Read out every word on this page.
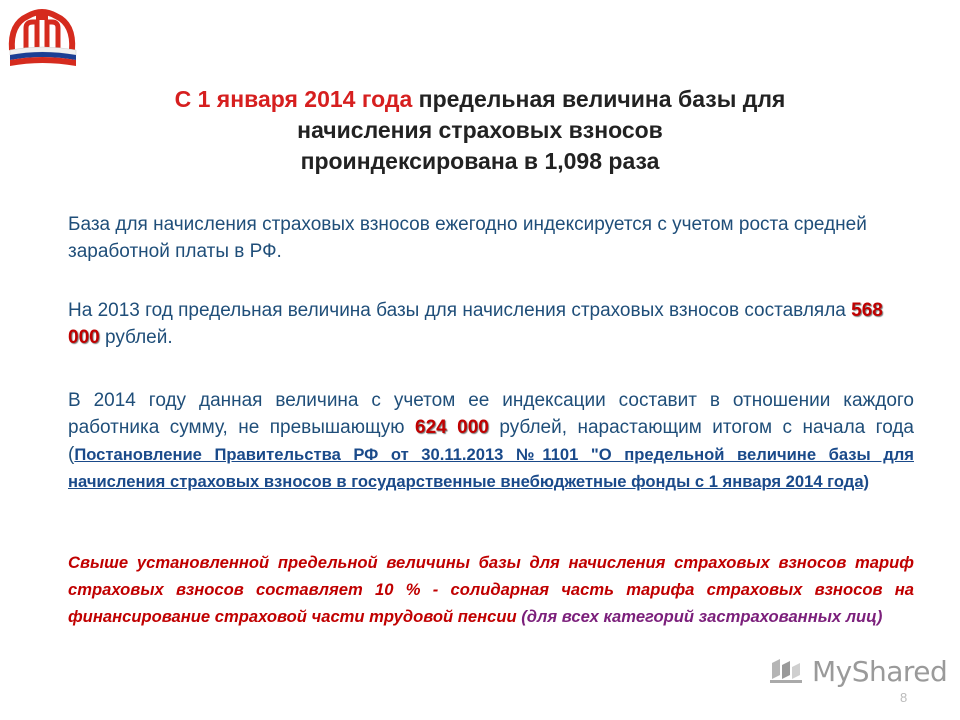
С 1 января 2014 года предельная величина базы для
начисления страховых взносов
проиндексирована в 1,098 раза
База для начисления страховых взносов ежегодно индексируется с учетом роста средней заработной платы в РФ.
На 2013 год предельная величина базы для начисления страховых взносов составляла 568 000 рублей.
В 2014 году данная величина с учетом ее индексации составит в отношении каждого работника сумму, не превышающую 624 000 рублей, нарастающим итогом с начала года (Постановление Правительства РФ от 30.11.2013 №1101 "О предельной величине базы для начисления страховых взносов в государственные внебюджетные фонды с 1 января 2014 года)
Свыше установленной предельной величины базы для начисления страховых взносов тариф страховых взносов составляет 10 % - солидарная часть тарифа страховых взносов на финансирование страховой части трудовой пенсии (для всех категорий застрахованных лиц)
MyShared
8
